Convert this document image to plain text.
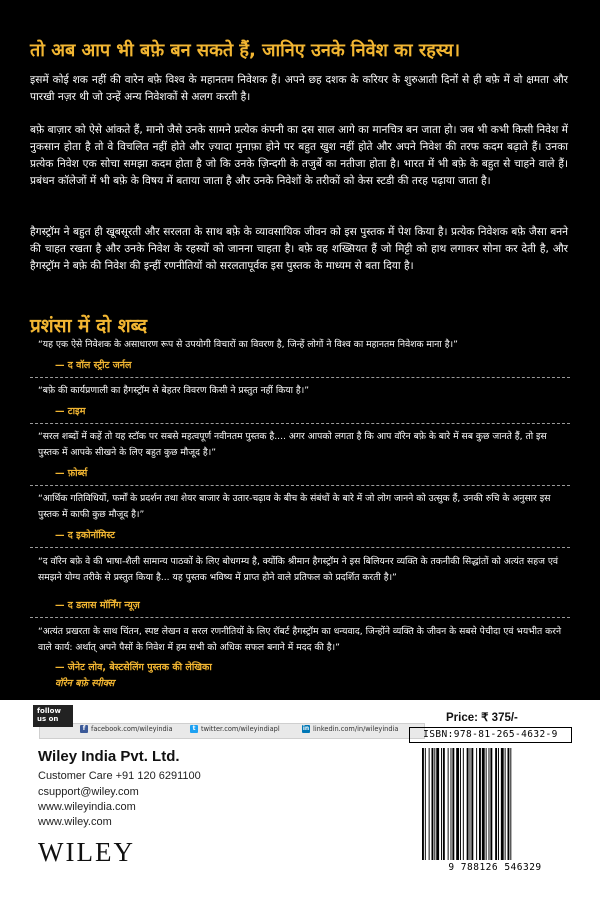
तो अब आप भी बफ़े बन सकते हैं, जानिए उनके निवेश का रहस्य।
इसमें कोई शक नहीं की वारेन बफ़े विश्व के महानतम निवेशक हैं। अपने छह दशक के करियर के शुरुआती दिनों से ही बफ़े में वो क्षमता और पारखी नज़र थी जो उन्हें अन्य निवेशकों से अलग करती है।
बफ़े बाज़ार को ऐसे आंकते हैं, मानो जैसे उनके सामने प्रत्येक कंपनी का दस साल आगे का मानचित्र बन जाता हो। जब भी कभी किसी निवेश में नुकसान होता है तो वे विचलित नहीं होते और ज़्यादा मुनाफ़ा होने पर बहुत खुश नहीं होते और अपने निवेश की तरफ कदम बढ़ाते हैं। उनका प्रत्येक निवेश एक सोचा समझा कदम होता है जो कि उनके ज़िन्दगी के तजुर्बे का नतीजा होता है। भारत में भी बफ़े के बहुत से चाहने वाले हैं। प्रबंधन कॉलेजों में भी बफ़े के विषय में बताया जाता है और उनके निवेशों के तरीकों को केस स्टडी की तरह पढ़ाया जाता है।
हैगस्ट्रॉम ने बहुत ही खूबसूरती और सरलता के साथ बफ़े के व्यावसायिक जीवन को इस पुस्तक में पेश किया है। प्रत्येक निवेशक बफ़े जैसा बनने की चाहत रखता है और उनके निवेश के रहस्यों को जानना चाहता है। बफ़े वह शख्सियत हैं जो मिट्टी को हाथ लगाकर सोना कर देती है, और हैगस्ट्रॉम ने बफ़े की निवेश की इन्हीं रणनीतियों को सरलतापूर्वक इस पुस्तक के माध्यम से बता दिया है।
प्रशंसा में दो शब्द
“यह एक ऐसे निवेशक के असाधारण रूप से उपयोगी विचारों का विवरण है, जिन्हें लोगों ने विश्व का महानतम निवेशक माना है।”
— द वॉल स्ट्रीट जर्नल
“बफ़े की कार्यप्रणाली का हैगस्ट्रॉम से बेहतर विवरण किसी ने प्रस्तुत नहीं किया है।”
— टाइम
“सरल शब्दों में कहें तो यह स्टॉक पर सबसे महत्वपूर्ण नवीनतम पुस्तक है.... अगर आपको लगता है कि आप वॉरेन बफ़े के बारे में सब कुछ जानते हैं, तो इस पुस्तक में आपके सीखने के लिए बहुत कुछ मौजूद है।”
— फ़ोर्ब्स
“आर्थिक गतिविधियों, फर्मों के प्रदर्शन तथा शेयर बाजार के उतार-चढ़ाव के बीच के संबंधों के बारे में जो लोग जानने को उत्सुक हैं, उनकी रुचि के अनुसार इस पुस्तक में काफी कुछ मौजूद है।”
— द इकोनॉमिस्ट
“द वॉरेन बफ़े वे की भाषा-शैली सामान्य पाठकों के लिए बोधगम्य है, क्योंकि श्रीमान हैगस्ट्रॉम ने इस बिलियनर व्यक्ति के तकनीकी सिद्धांतों को अत्यंत सहज एवं समझने योग्य तरीके से प्रस्तुत किया है... यह पुस्तक भविष्य में प्राप्त होने वाले प्रतिफल को प्रदर्शित करती है।”
— द डलास मॉर्निंग न्यूज़
“अत्यंत प्रखरता के साथ चिंतन, स्पष्ट लेखन व सरल रणनीतियों के लिए रॉबर्ट हैगस्ट्रॉम का धन्यवाद, जिन्होंने व्यक्ति के जीवन के सबसे पेचीदा एवं भयभीत करने वाले कार्य: अर्थात् अपने पैसों के निवेश में हम सभी को अधिक सफल बनाने में मदद की है।”
— जेनेट लोव, बेस्टसेलिंग पुस्तक की लेखिका
वॉरेन बफ़े स्पीक्स
f facebook.com/wileyindia	t twitter.com/wileyindiapl	in linkedin.com/in/wileyindia
follow us on
Wiley India Pvt. Ltd.
Customer Care +91 120 6291100
csupport@wiley.com
www.wileyindia.com
www.wiley.com
WILEY
Price: ₹ 375/-
ISBN:978-81-265-4632-9
9 788126 546329
